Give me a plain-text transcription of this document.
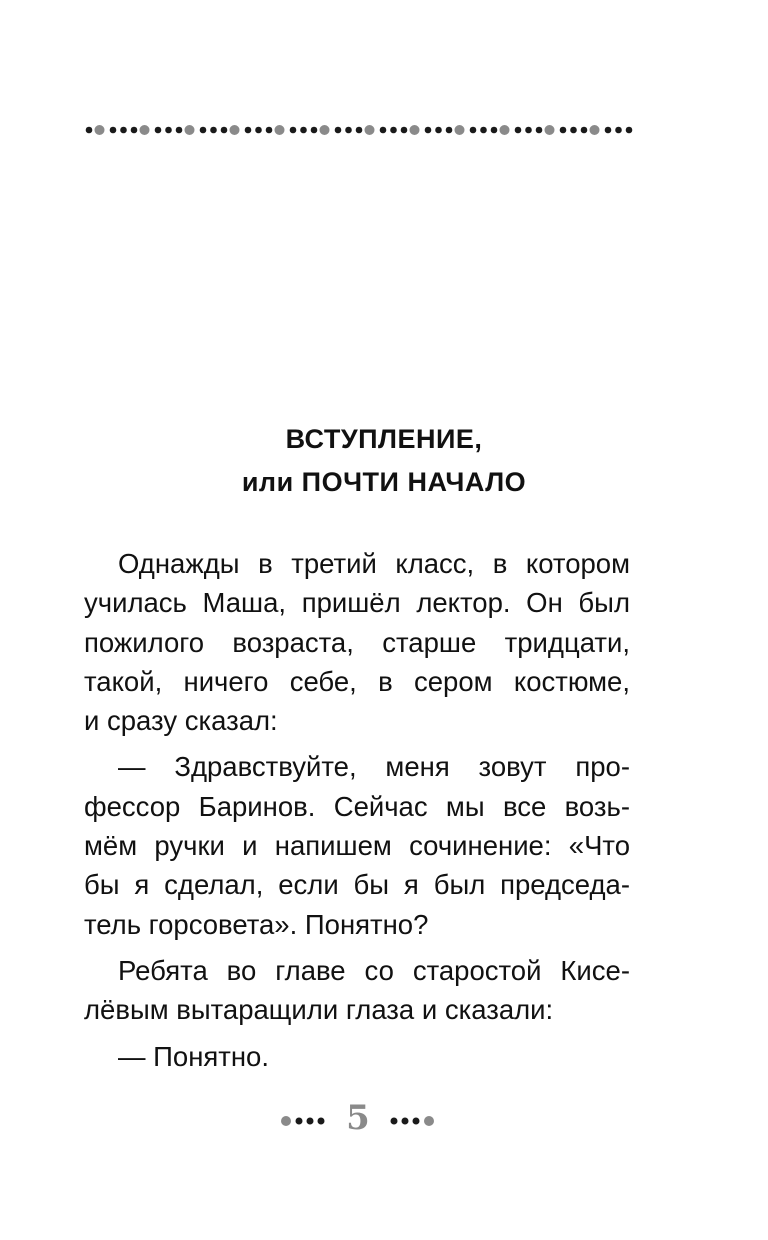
ВСТУПЛЕНИЕ,
или ПОЧТИ НАЧАЛО
Однажды в третий класс, в котором
училась Маша, пришёл лектор. Он был
пожилого возраста, старше тридцати,
такой, ничего себе, в сером костюме,
и сразу сказал:
— Здравствуйте, меня зовут про-
фессор Баринов. Сейчас мы все возь-
мём ручки и напишем сочинение: «Что
бы я сделал, если бы я был председа-
тель горсовета». Понятно?
Ребята во главе со старостой Кисе-
лёвым вытаращили глаза и сказали:
— Понятно.
5
